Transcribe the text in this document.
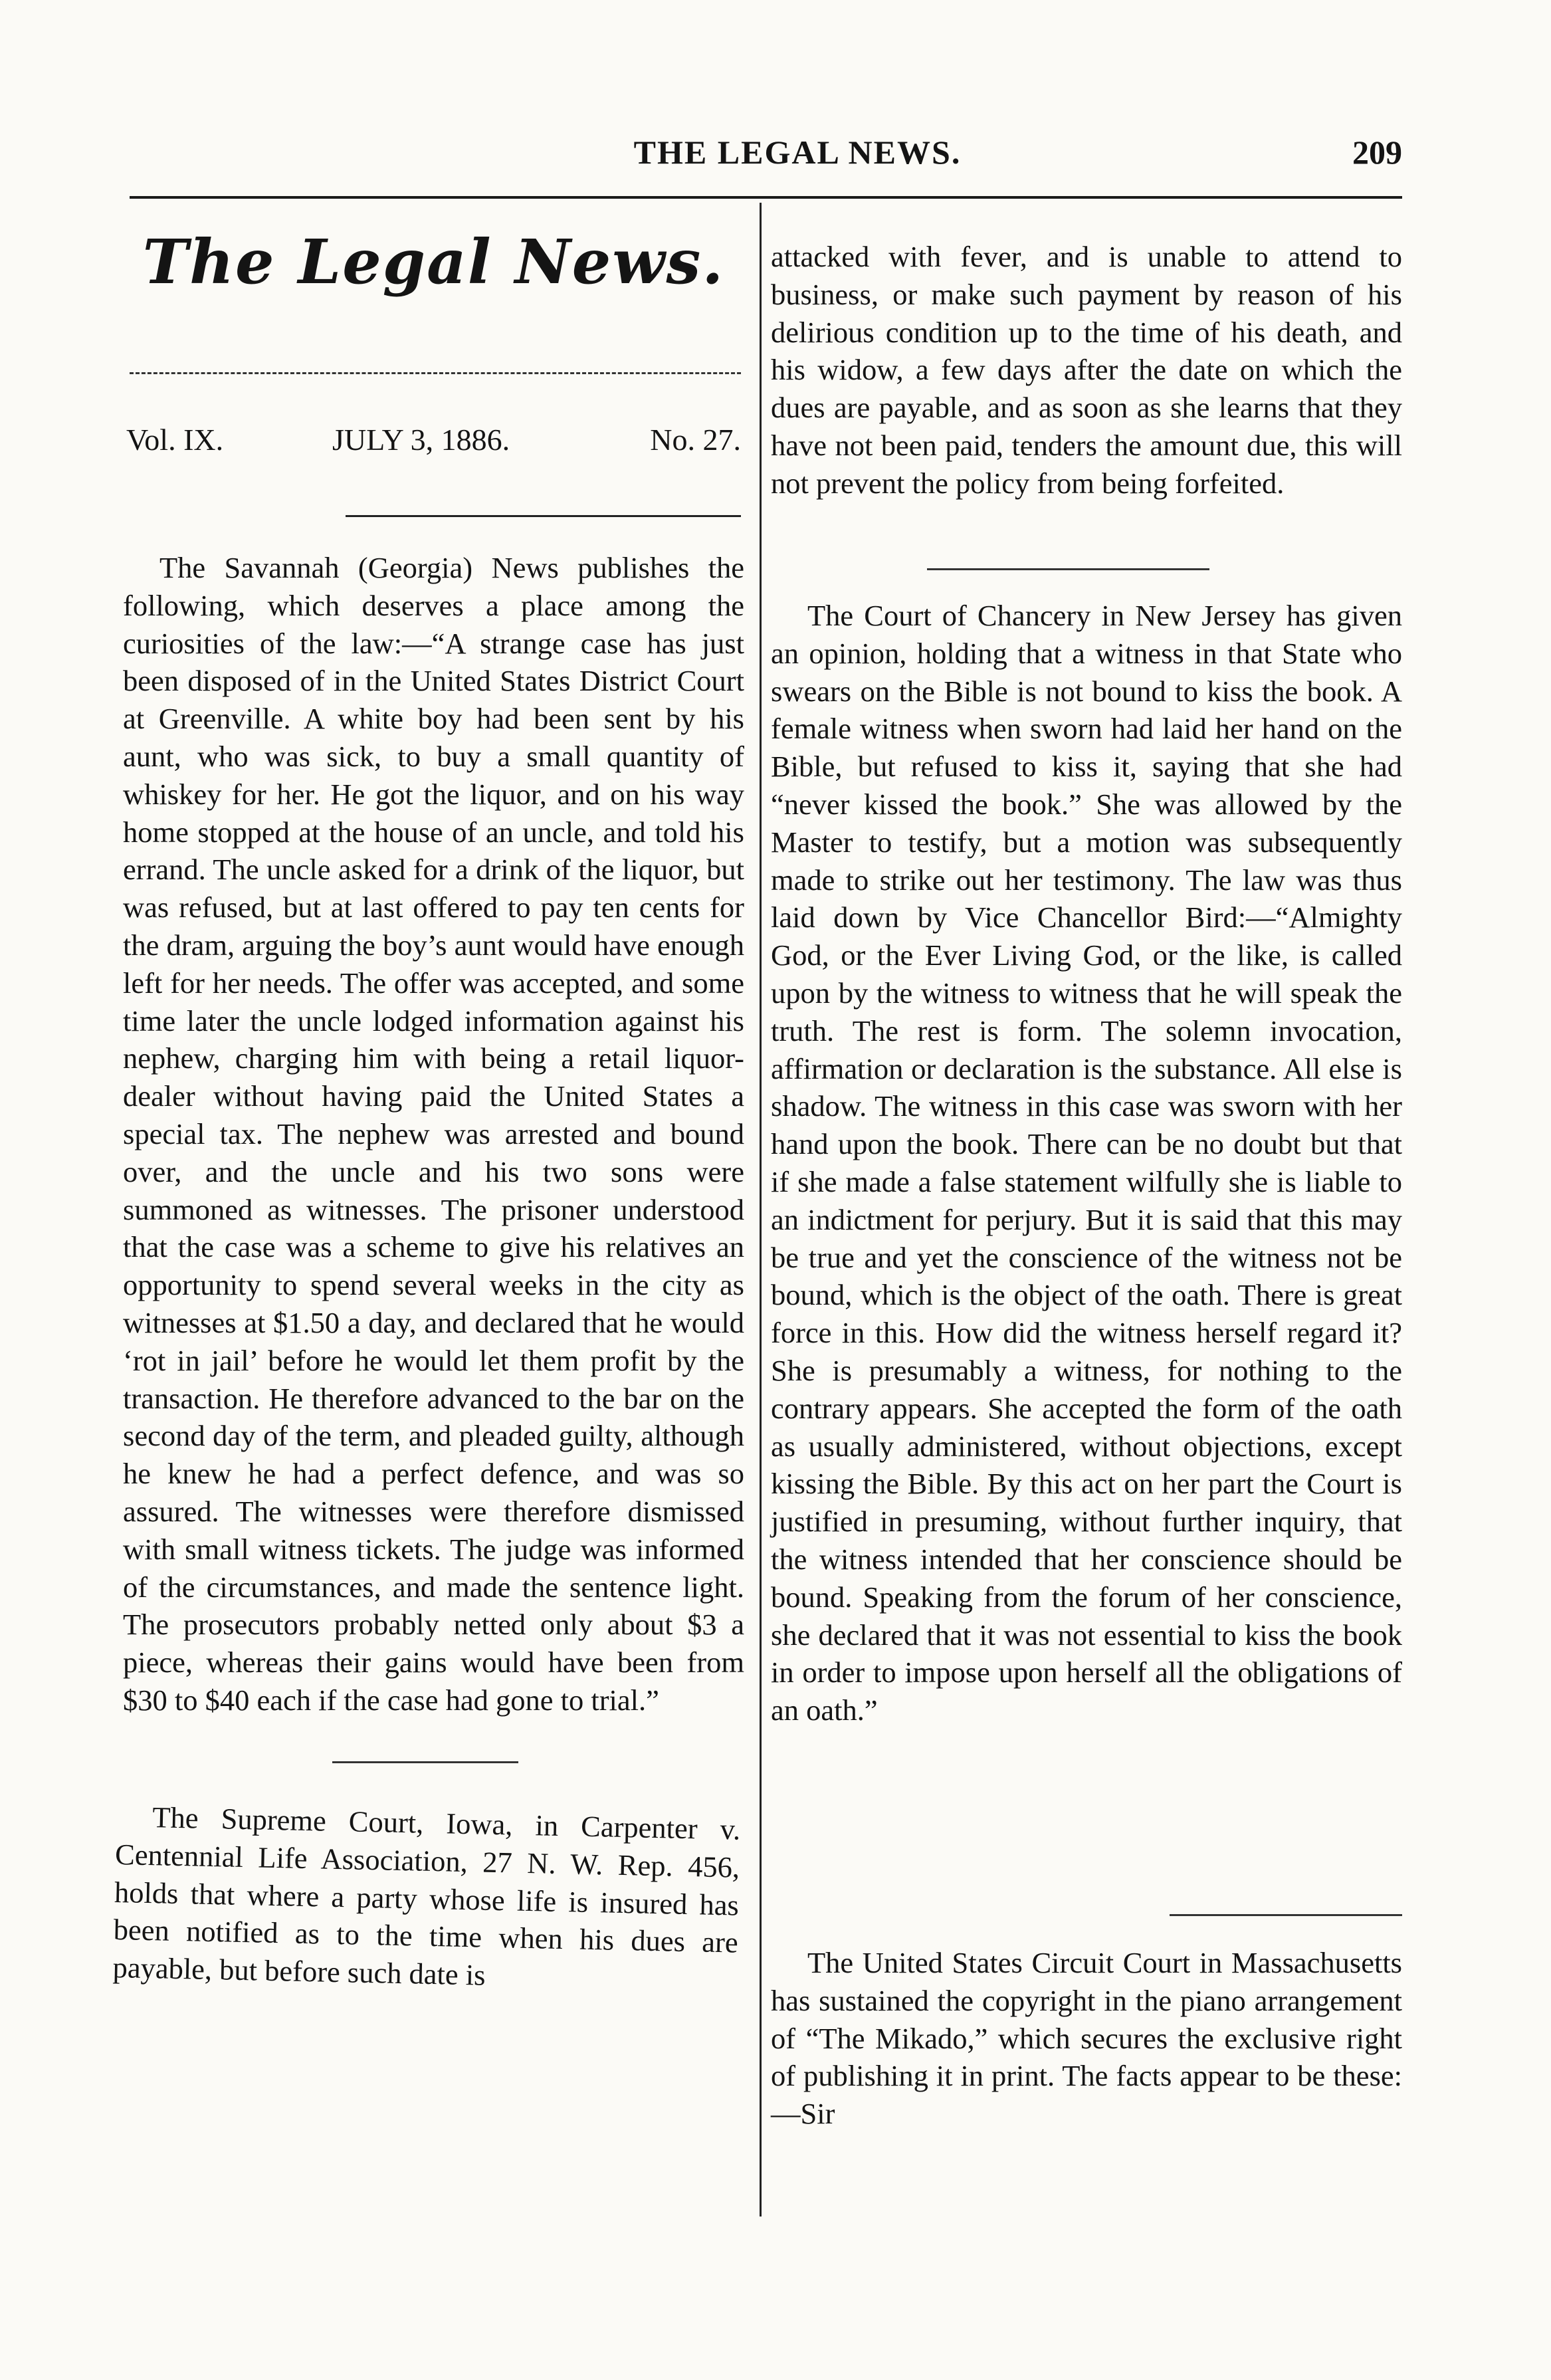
THE LEGAL NEWS.	209
The Legal News.
Vol. IX.	JULY 3, 1886.	No. 27.

The Savannah (Georgia) News publishes the following, which deserves a place among the curiosities of the law:—“A strange case has just been disposed of in the United States District Court at Greenville. A white boy had been sent by his aunt, who was sick, to buy a small quantity of whiskey for her. He got the liquor, and on his way home stopped at the house of an uncle, and told his errand. The uncle asked for a drink of the liquor, but was refused, but at last offered to pay ten cents for the dram, arguing the boy’s aunt would have enough left for her needs. The offer was accepted, and some time later the uncle lodged information against his nephew, charging him with being a retail liquor-dealer without having paid the United States a special tax. The nephew was arrested and bound over, and the uncle and his two sons were summoned as witnesses. The prisoner understood that the case was a scheme to give his relatives an opportunity to spend several weeks in the city as witnesses at $1.50 a day, and declared that he would ‘rot in jail’ before he would let them profit by the transaction. He therefore advanced to the bar on the second day of the term, and pleaded guilty, although he knew he had a perfect defence, and was so assured. The witnesses were therefore dismissed with small witness tickets. The judge was informed of the circumstances, and made the sentence light. The prosecutors probably netted only about $3 a piece, whereas their gains would have been from $30 to $40 each if the case had gone to trial.”

The Supreme Court, Iowa, in Carpenter v. Centennial Life Association, 27 N. W. Rep. 456, holds that where a party whose life is insured has been notified as to the time when his dues are payable, but before such date is

attacked with fever, and is unable to attend to business, or make such payment by reason of his delirious condition up to the time of his death, and his widow, a few days after the date on which the dues are payable, and as soon as she learns that they have not been paid, tenders the amount due, this will not prevent the policy from being forfeited.

The Court of Chancery in New Jersey has given an opinion, holding that a witness in that State who swears on the Bible is not bound to kiss the book. A female witness when sworn had laid her hand on the Bible, but refused to kiss it, saying that she had “never kissed the book.” She was allowed by the Master to testify, but a motion was subsequently made to strike out her testimony. The law was thus laid down by Vice Chancellor Bird:—“Almighty God, or the Ever Living God, or the like, is called upon by the witness to witness that he will speak the truth. The rest is form. The solemn invocation, affirmation or declaration is the substance. All else is shadow. The witness in this case was sworn with her hand upon the book. There can be no doubt but that if she made a false statement wilfully she is liable to an indictment for perjury. But it is said that this may be true and yet the conscience of the witness not be bound, which is the object of the oath. There is great force in this. How did the witness herself regard it? She is presumably a witness, for nothing to the contrary appears. She accepted the form of the oath as usually administered, without objections, except kissing the Bible. By this act on her part the Court is justified in presuming, without further inquiry, that the witness intended that her conscience should be bound. Speaking from the forum of her conscience, she declared that it was not essential to kiss the book in order to impose upon herself all the obligations of an oath.”

The United States Circuit Court in Massachusetts has sustained the copyright in the piano arrangement of “The Mikado,” which secures the exclusive right of publishing it in print. The facts appear to be these:—Sir
